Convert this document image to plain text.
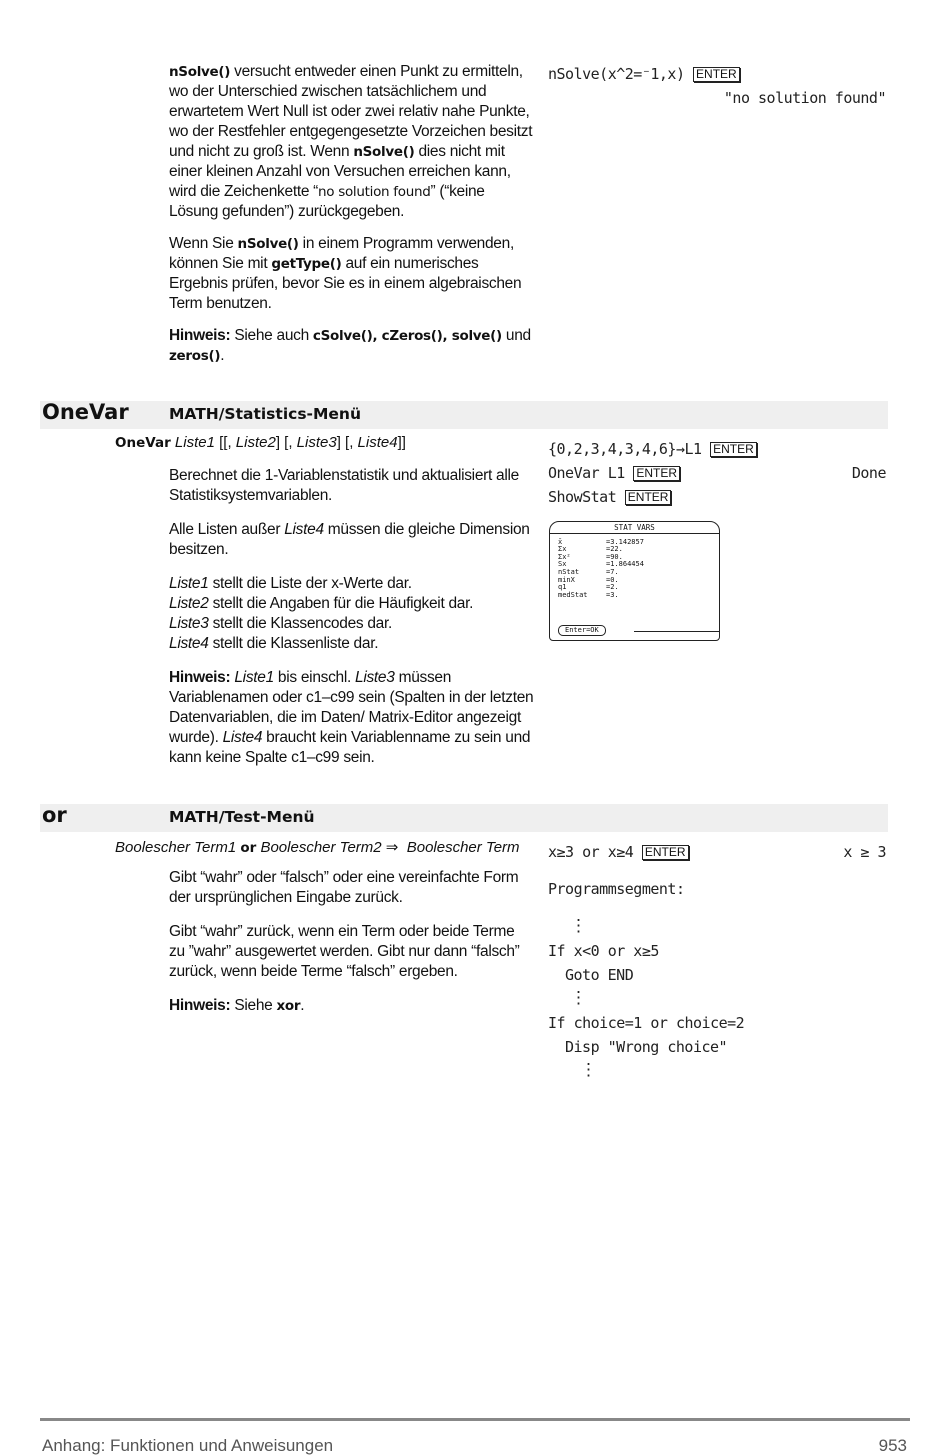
nSolve() versucht entweder einen Punkt zu ermitteln, wo der Unterschied zwischen tatsächlichem und erwartetem Wert Null ist oder zwei relativ nahe Punkte, wo der Restfehler entgegengesetzte Vorzeichen besitzt und nicht zu groß ist. Wenn nSolve() dies nicht mit einer kleinen Anzahl von Versuchen erreichen kann, wird die Zeichenkette “no solution found” (“keine Lösung gefunden”) zurückgegeben.

Wenn Sie nSolve() in einem Programm verwenden, können Sie mit getType() auf ein numerisches Ergebnis prüfen, bevor Sie es in einem algebraischen Term benutzen.

Hinweis: Siehe auch cSolve(), cZeros(), solve() und zeros().

nSolve(x^2=⁻1,x) ENTER
"no solution found"
OneVar	MATH/Statistics-Menü
OneVar Liste1 [[, Liste2] [, Liste3] [, Liste4]]

Berechnet die 1-Variablenstatistik und aktualisiert alle Statistiksystemvariablen.

Alle Listen außer Liste4 müssen die gleiche Dimension besitzen.

Liste1 stellt die Liste der x-Werte dar.
Liste2 stellt die Angaben für die Häufigkeit dar.
Liste3 stellt die Klassencodes dar.
Liste4 stellt die Klassenliste dar.

Hinweis: Liste1 bis einschl. Liste3 müssen Variablenamen oder c1–c99 sein (Spalten in der letzten Datenvariablen, die im Daten/ Matrix-Editor angezeigt wurde). Liste4 braucht kein Variablenname zu sein und kann keine Spalte c1–c99 sein.

{0,2,3,4,3,4,6}→L1 ENTER
OneVar L1 ENTER	Done
ShowStat ENTER
STAT VARS
x̄	=3.142857
Σx	=22.
Σx²	=90.
Sx	=1.864454
nStat	=7.
minX	=0.
q1	=2.
medStat	=3.
Enter=OK
or	MATH/Test-Menü
Boolescher Term1 or Boolescher Term2 ⇒ Boolescher Term

Gibt “wahr” oder “falsch” oder eine vereinfachte Form der ursprünglichen Eingabe zurück.

Gibt “wahr” zurück, wenn ein Term oder beide Terme zu ”wahr” ausgewertet werden. Gibt nur dann “falsch” zurück, wenn beide Terme “falsch” ergeben.

Hinweis: Siehe xor.

x≥3 or x≥4 ENTER	x ≥ 3
Programmsegment:
⋮
If x<0 or x≥5
Goto END
⋮
If choice=1 or choice=2
Disp "Wrong choice"
⋮
Anhang: Funktionen und Anweisungen	953
